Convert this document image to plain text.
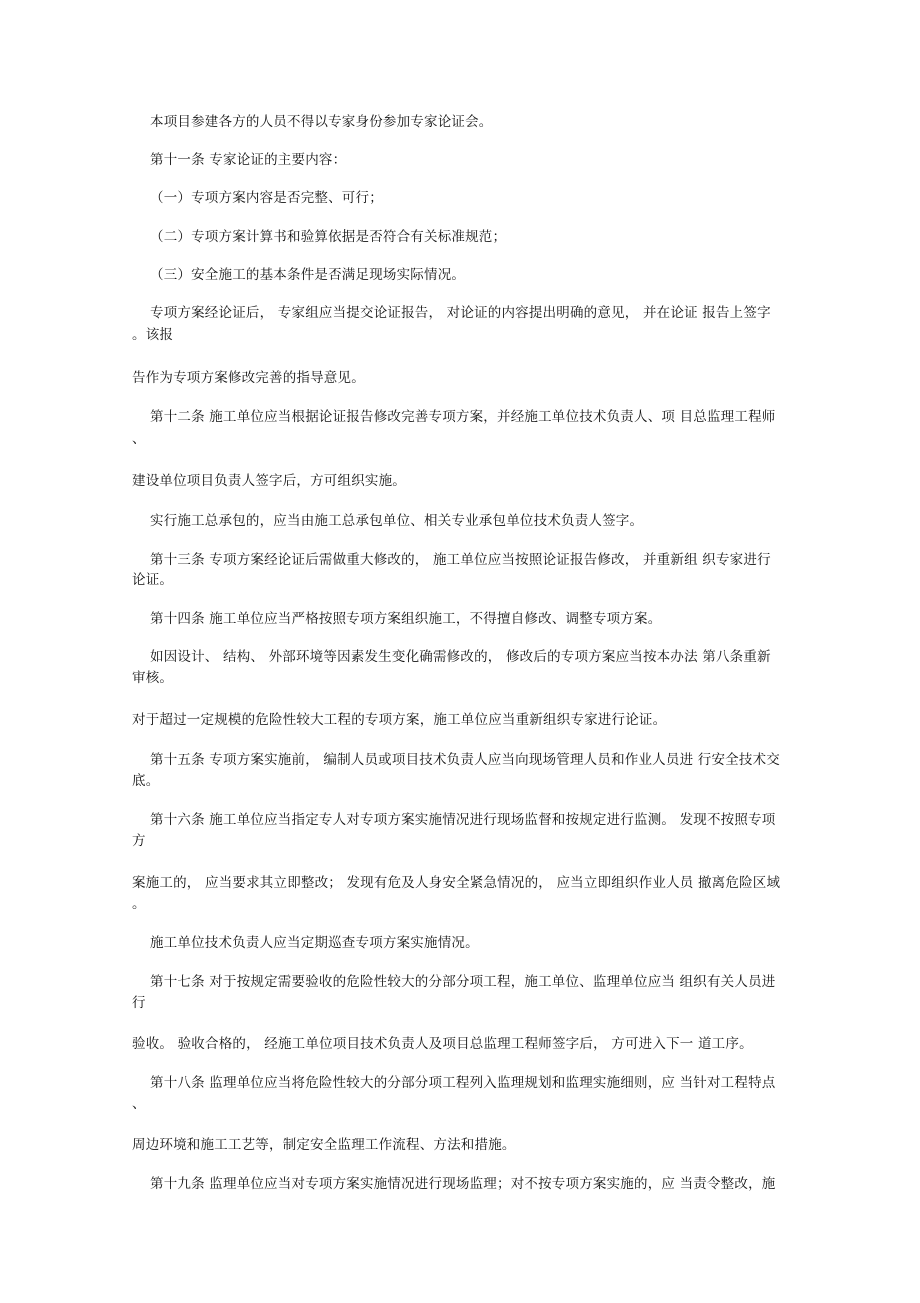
本项目参建各方的人员不得以专家身份参加专家论证会。

第十一条 专家论证的主要内容：

（一）专项方案内容是否完整、可行；

（二）专项方案计算书和验算依据是否符合有关标准规范；

（三）安全施工的基本条件是否满足现场实际情况。

专项方案经论证后， 专家组应当提交论证报告， 对论证的内容提出明确的意见， 并在论证 报告上签字

。该报

告作为专项方案修改完善的指导意见。

第十二条 施工单位应当根据论证报告修改完善专项方案，并经施工单位技术负责人、项 目总监理工程师

、

建设单位项目负责人签字后，方可组织实施。

实行施工总承包的，应当由施工总承包单位、相关专业承包单位技术负责人签字。

第十三条 专项方案经论证后需做重大修改的， 施工单位应当按照论证报告修改， 并重新组 织专家进行

论证。

第十四条 施工单位应当严格按照专项方案组织施工，不得擅自修改、调整专项方案。

如因设计、 结构、 外部环境等因素发生变化确需修改的， 修改后的专项方案应当按本办法 第八条重新

审核。

对于超过一定规模的危险性较大工程的专项方案，施工单位应当重新组织专家进行论证。

第十五条 专项方案实施前， 编制人员或项目技术负责人应当向现场管理人员和作业人员进 行安全技术交

底。

第十六条 施工单位应当指定专人对专项方案实施情况进行现场监督和按规定进行监测。 发现不按照专项

方

案施工的， 应当要求其立即整改； 发现有危及人身安全紧急情况的， 应当立即组织作业人员 撤离危险区域

。

施工单位技术负责人应当定期巡查专项方案实施情况。

第十七条 对于按规定需要验收的危险性较大的分部分项工程，施工单位、监理单位应当 组织有关人员进

行

验收。 验收合格的， 经施工单位项目技术负责人及项目总监理工程师签字后， 方可进入下一 道工序。

第十八条 监理单位应当将危险性较大的分部分项工程列入监理规划和监理实施细则，应 当针对工程特点

、

周边环境和施工工艺等，制定安全监理工作流程、方法和措施。

第十九条 监理单位应当对专项方案实施情况进行现场监理；对不按专项方案实施的，应 当责令整改，施
